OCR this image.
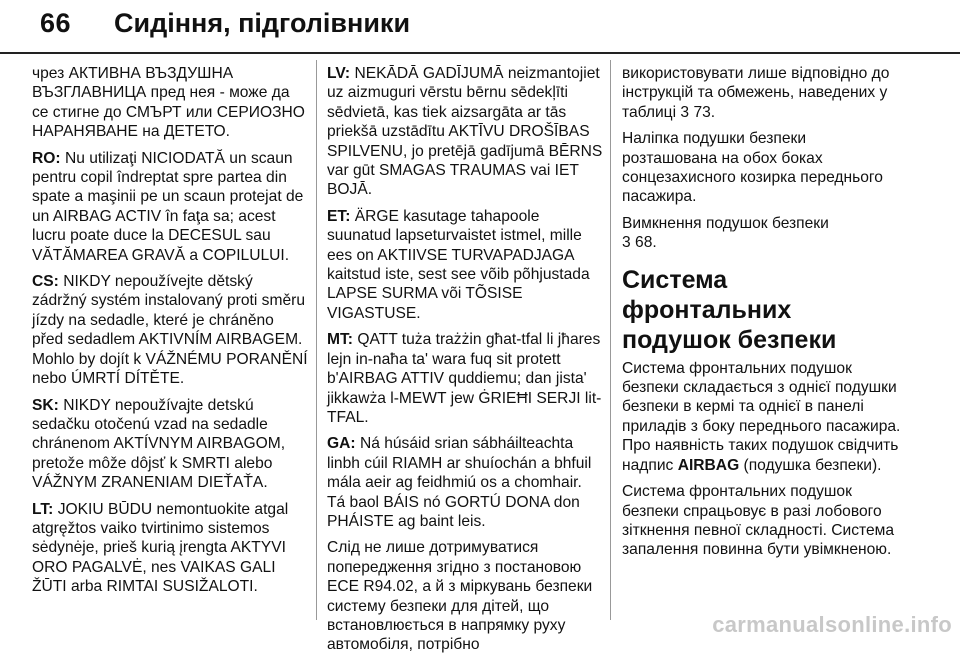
66 Сидіння, підголівники

чрез АКТИВНА ВЪЗДУШНА ВЪЗГЛАВНИЦА пред нея - може да се стигне до СМЪРТ или СЕРИОЗНО НАРАНЯВАНЕ на ДЕТЕТО.

RO: Nu utilizaţi NICIODATĂ un scaun pentru copil îndreptat spre partea din spate a maşinii pe un scaun protejat de un AIRBAG ACTIV în faţa sa; acest lucru poate duce la DECESUL sau VĂTĂMAREA GRAVĂ a COPILULUI.

CS: NIKDY nepoužívejte dětský zádržný systém instalovaný proti směru jízdy na sedadle, které je chráněno před sedadlem AKTIVNÍM AIRBAGEM. Mohlo by dojít k VÁŽNÉMU PORANĚNÍ nebo ÚMRTÍ DÍTĚTE.

SK: NIKDY nepoužívajte detskú sedačku otočenú vzad na sedadle chránenom AKTÍVNYM AIRBAGOM, pretože môže dôjsť k SMRTI alebo VÁŽNYM ZRANENIAM DIEŤAŤA.

LT: JOKIU BŪDU nemontuokite atgal atgręžtos vaiko tvirtinimo sistemos sėdynėje, prieš kurią įrengta AKTYVI ORO PAGALVĖ, nes VAIKAS GALI ŽŪTI arba RIMTAI SUSIŽALOTI.

LV: NEKĀDĀ GADĪJUMĀ neizmantojiet uz aizmuguri vērstu bērnu sēdekļīti sēdvietā, kas tiek aizsargāta ar tās priekšā uzstādītu AKTĪVU DROŠĪBAS SPILVENU, jo pretējā gadījumā BĒRNS var gūt SMAGAS TRAUMAS vai IET BOJĀ.

ET: ÄRGE kasutage tahapoole suunatud lapseturvaistet istmel, mille ees on AKTIIVSE TURVAPADJAGA kaitstud iste, sest see võib põhjustada LAPSE SURMA või TÕSISE VIGASTUSE.

MT: QATT tuża trażżin għat-tfal li jħares lejn in-naħa ta' wara fuq sit protett b'AIRBAG ATTIV quddiemu; dan jista' jikkawża l-MEWT jew ĠRIEĦI SERJI lit-TFAL.

GA: Ná húsáid srian sábháilteachta linbh cúil RIAMH ar shuíochán a bhfuil mála aeir ag feidhmiú os a chomhair. Tá baol BÁIS nó GORTÚ DONA don PHÁISTE ag baint leis.

Слід не лише дотримуватися попередження згідно з постановою ECE R94.02, а й з міркувань безпеки систему безпеки для дітей, що встановлюється в напрямку руху автомобіля, потрібно

використовувати лише відповідно до інструкцій та обмежень, наведених у таблиці 3 73.

Наліпка подушки безпеки розташована на обох боках сонцезахисного козирка переднього пасажира.

Вимкнення подушок безпеки
3 68.

Система фронтальних подушок безпеки

Система фронтальних подушок безпеки складається з однієї подушки безпеки в кермі та однієї в панелі приладів з боку переднього пасажира. Про наявність таких подушок свідчить надпис AIRBAG (подушка безпеки).

Система фронтальних подушок безпеки спрацьовує в разі лобового зіткнення певної складності. Система запалення повинна бути увімкненою.

carmanualsonline.info
